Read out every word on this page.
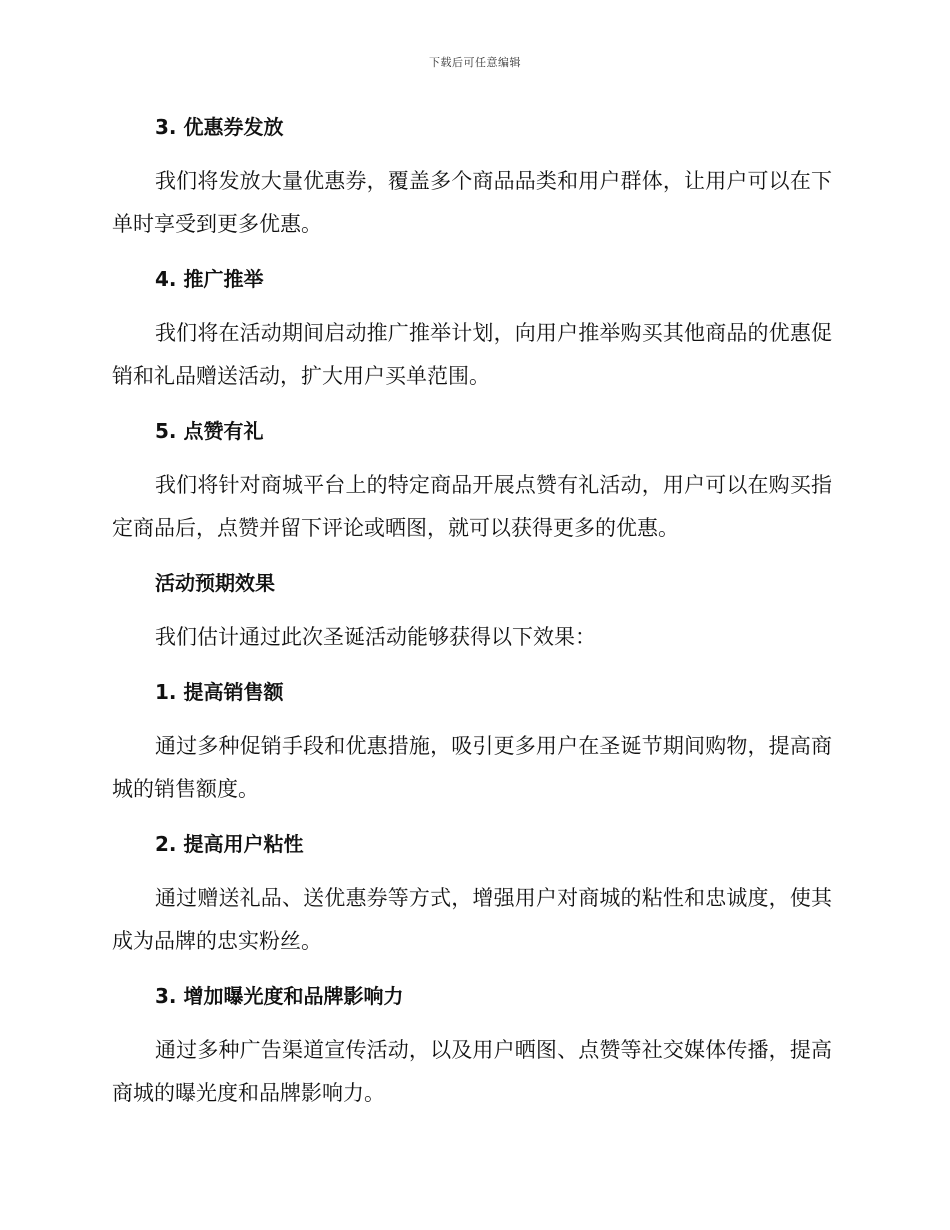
下载后可任意编辑
3. 优惠券发放

我们将发放大量优惠券，覆盖多个商品品类和用户群体，让用户可以在下单时享受到更多优惠。

4. 推广推举

我们将在活动期间启动推广推举计划，向用户推举购买其他商品的优惠促销和礼品赠送活动，扩大用户买单范围。

5. 点赞有礼

我们将针对商城平台上的特定商品开展点赞有礼活动，用户可以在购买指定商品后，点赞并留下评论或晒图，就可以获得更多的优惠。

活动预期效果

我们估计通过此次圣诞活动能够获得以下效果：

1. 提高销售额

通过多种促销手段和优惠措施，吸引更多用户在圣诞节期间购物，提高商城的销售额度。

2. 提高用户粘性

通过赠送礼品、送优惠券等方式，增强用户对商城的粘性和忠诚度，使其成为品牌的忠实粉丝。

3. 增加曝光度和品牌影响力

通过多种广告渠道宣传活动，以及用户晒图、点赞等社交媒体传播，提高商城的曝光度和品牌影响力。
